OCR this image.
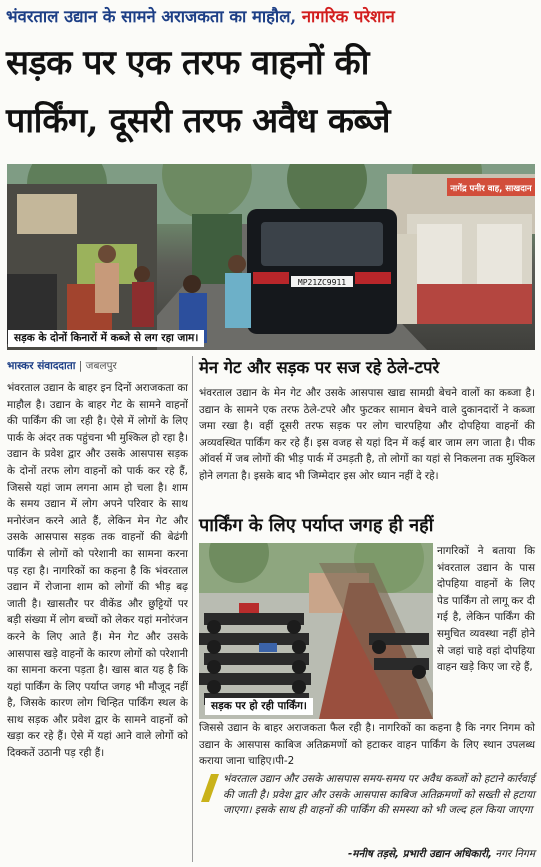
भंवरताल उद्यान के सामने अराजकता का माहौल, नागरिक परेशान
सड़क पर एक तरफ वाहनों की
पार्किंग, दूसरी तरफ अवैध कब्जे
नागेंद्र पनीर वाह, साखदान
MP21ZC9911
सड़क के दोनों किनारों में कब्जे से लग रहा जाम।
भास्कर संवाददाता | जबलपुर
भंवरताल उद्यान के बाहर इन दिनों अराजकता का माहौल है। उद्यान के बाहर गेट के सामने वाहनों की पार्किंग की जा रही है। ऐसे में लोगों के लिए पार्क के अंदर तक पहुंचना भी मुश्किल हो रहा है। उद्यान के प्रवेश द्वार और उसके आसपास सड़क के दोनों तरफ लोग वाहनों को पार्क कर रहे हैं, जिससे यहां जाम लगना आम हो चला है। शाम के समय उद्यान में लोग अपने परिवार के साथ मनोरंजन करने आते हैं, लेकिन मेन गेट और उसके आसपास सड़क तक वाहनों की बेढंगी पार्किंग से लोगों को परेशानी का सामना करना पड़ रहा है। नागरिकों का कहना है कि भंवरताल उद्यान में रोजाना शाम को लोगों की भीड़ बढ़ जाती है। खासतौर पर वीकेंड और छुट्टियों पर बड़ी संख्या में लोग बच्चों को लेकर यहां मनोरंजन करने के लिए आते हैं। मेन गेट और उसके आसपास खड़े वाहनों के कारण लोगों को परेशानी का सामना करना पड़ता है। खास बात यह है कि यहां पार्किंग के लिए पर्याप्त जगह भी मौजूद नहीं है, जिसके कारण लोग चिन्हित पार्किंग स्थल के साथ सड़क और प्रवेश द्वार के सामने वाहनों को खड़ा कर रहे हैं। ऐसे में यहां आने वाले लोगों को दिक्कतें उठानी पड़ रही हैं।
मेन गेट और सड़क पर सज रहे ठेले-टपरे
भंवरताल उद्यान के मेन गेट और उसके आसपास खाद्य सामग्री बेचने वालों का कब्जा है। उद्यान के सामने एक तरफ ठेले-टपरे और फुटकर सामान बेचने वाले दुकानदारों ने कब्जा जमा रखा है। वहीं दूसरी तरफ सड़क पर लोग चारपहिया और दोपहिया वाहनों की अव्यवस्थित पार्किंग कर रहे हैं। इस वजह से यहां दिन में कई बार जाम लग जाता है। पीक ऑवर्स में जब लोगों की भीड़ पार्क में उमड़ती है, तो लोगों का यहां से निकलना तक मुश्किल होने लगता है। इसके बाद भी जिम्मेदार इस ओर ध्यान नहीं दे रहे।
पार्किंग के लिए पर्याप्त जगह ही नहीं
सड़क पर हो रही पार्किंग।
नागरिकों ने बताया कि भंवरताल उद्यान के पास दोपहिया वाहनों के लिए पेड पार्किंग तो लागू कर दी गई है, लेकिन पार्किंग की समुचित व्यवस्था नहीं होने से जहां चाहे वहां दोपहिया वाहन खड़े किए जा रहे हैं,
जिससे उद्यान के बाहर अराजकता फैल रही है। नागरिकों का कहना है कि नगर निगम को उद्यान के आसपास काबिज अतिक्रमणों को हटाकर वाहन पार्किंग के लिए स्थान उपलब्ध कराया जाना चाहिए।पी-2
भंवरताल उद्यान और उसके आसपास समय-समय पर अवैध कब्जों को हटाने कार्रवाई की जाती है। प्रवेश द्वार और उसके आसपास काबिज अतिक्रमणों को सख्ती से हटाया जाएगा। इसके साथ ही वाहनों की पार्किंग की समस्या को भी जल्द हल किया जाएगा
-मनीष तड़से, प्रभारी उद्यान अधिकारी, नगर निगम
